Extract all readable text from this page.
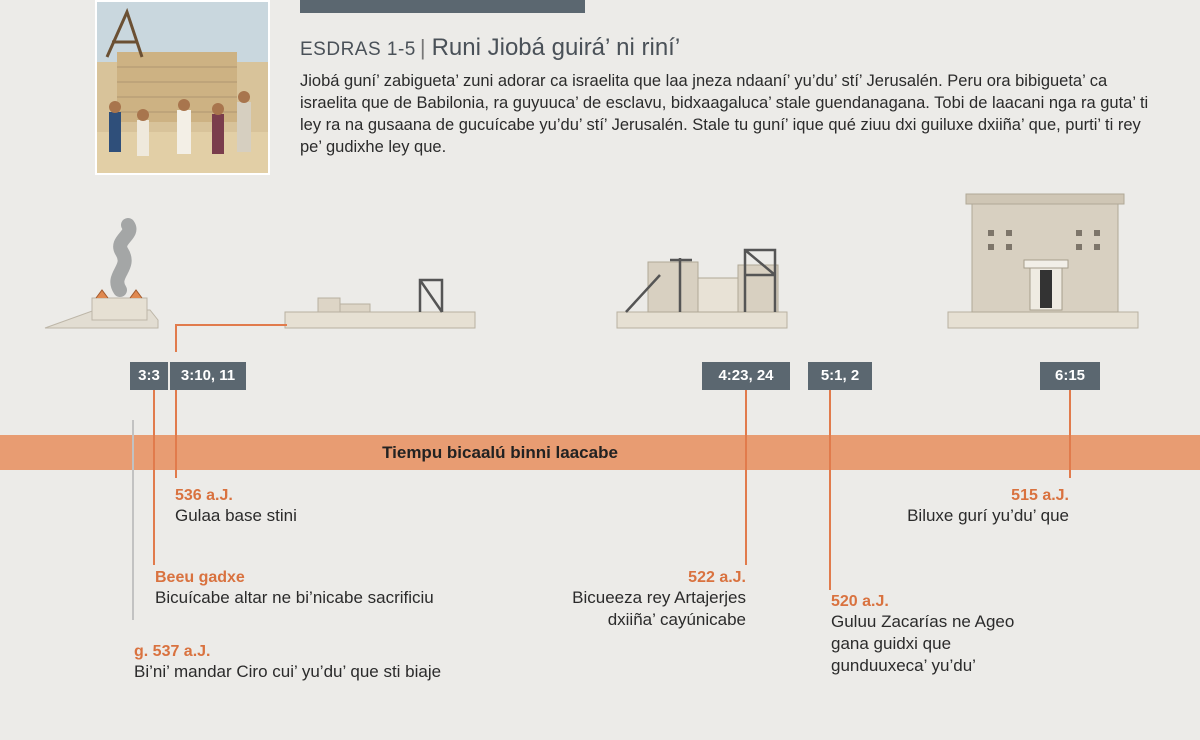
ESDRAS 1-5 | Runi Jiobá guirá’ ni riní’
Jiobá guní’ zabigueta’ zuni adorar ca israelita que laa jneza ndaaní’ yu’du’ stí’ Jerusalén. Peru ora bibigueta’ ca israelita que de Babilonia, ra guyuuca’ de esclavu, bidxaagaluca’ stale guendanagana. Tobi de laacani nga ra guta’ ti ley ra na gusaana de gucuícabe yu’du’ stí’ Jerusalén. Stale tu guní’ ique qué ziuu dxi guiluxe dxiiña’ que, purti’ ti rey pe’ gudixhe ley que.
3:3	3:10, 11	4:23, 24	5:1, 2	6:15
Tiempu bicaalú binni laacabe
536 a.J.
Gulaa base stini
Beeu gadxe
Bicuícabe altar ne bi’nicabe sacrificiu
g. 537 a.J.
Bi’ni’ mandar Ciro cui’ yu’du’ que sti biaje
522 a.J.
Bicueeza rey Artajerjes
dxiiña’ cayúnicabe
520 a.J.
Guluu Zacarías ne Ageo
gana guidxi que
gunduuxeca’ yu’du’
515 a.J.
Biluxe gurí yu’du’ que
